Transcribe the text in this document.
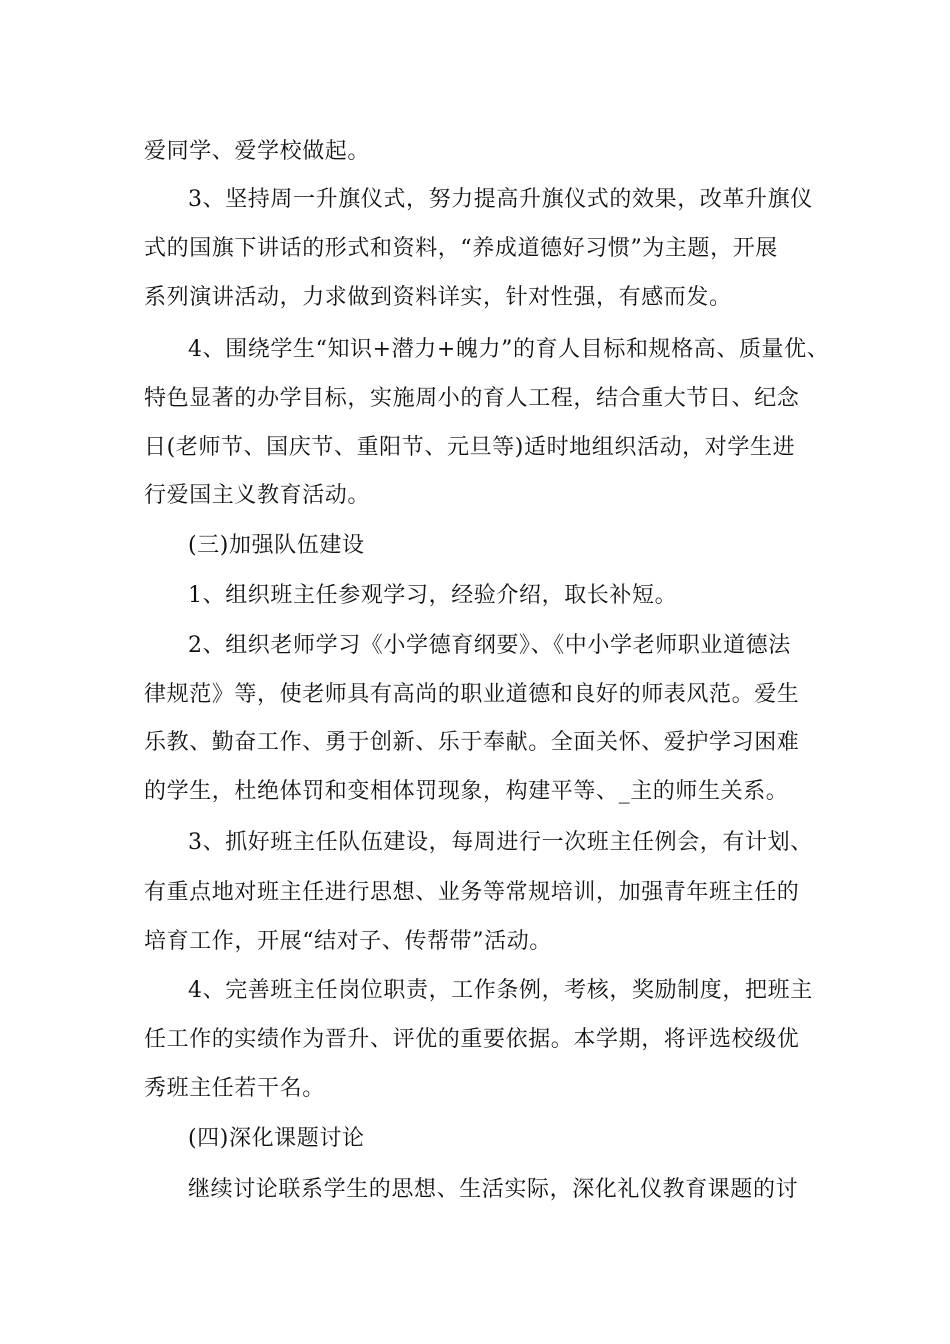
爱同学、爱学校做起。
3、坚持周一升旗仪式，努力提高升旗仪式的效果，改革升旗仪
式的国旗下讲话的形式和资料，“养成道德好习惯”为主题，开展
系列演讲活动，力求做到资料详实，针对性强，有感而发。
4、围绕学生“知识+潜力+魄力”的育人目标和规格高、质量优、
特色显著的办学目标，实施周小的育人工程，结合重大节日、纪念
日(老师节、国庆节、重阳节、元旦等)适时地组织活动，对学生进
行爱国主义教育活动。
(三)加强队伍建设
1、组织班主任参观学习，经验介绍，取长补短。
2、组织老师学习《小学德育纲要》、《中小学老师职业道德法
律规范》等，使老师具有高尚的职业道德和良好的师表风范。爱生
乐教、勤奋工作、勇于创新、乐于奉献。全面关怀、爱护学习困难
的学生，杜绝体罚和变相体罚现象，构建平等、_主的师生关系。
3、抓好班主任队伍建设，每周进行一次班主任例会，有计划、
有重点地对班主任进行思想、业务等常规培训，加强青年班主任的
培育工作，开展“结对子、传帮带”活动。
4、完善班主任岗位职责，工作条例，考核，奖励制度，把班主
任工作的实绩作为晋升、评优的重要依据。本学期，将评选校级优
秀班主任若干名。
(四)深化课题讨论
继续讨论联系学生的思想、生活实际，深化礼仪教育课题的讨
